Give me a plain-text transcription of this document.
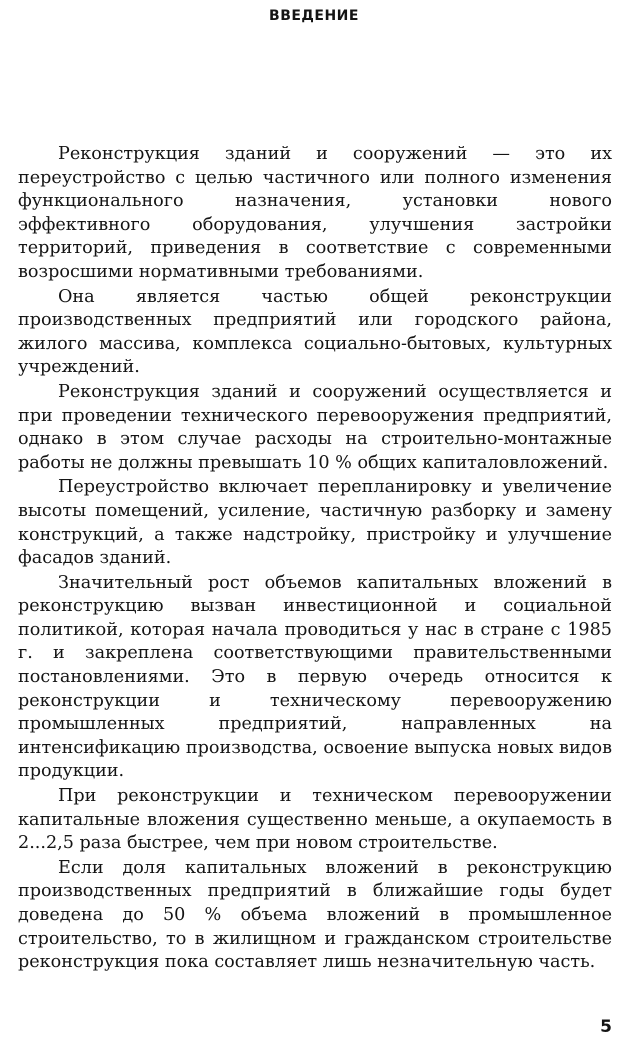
ВВЕДЕНИЕ

Реконструкция зданий и сооружений — это их переустройство с целью частичного или полного изменения функционального назначения, установки нового эффективного оборудования, улучшения застройки территорий, приведения в соответствие с современными возросшими нормативными требованиями.

Она является частью общей реконструкции производственных предприятий или городского района, жилого массива, комплекса социально-бытовых, культурных учреждений.

Реконструкция зданий и сооружений осуществляется и при проведении технического перевооружения предприятий, однако в этом случае расходы на строительно-монтажные работы не должны превышать 10 % общих капиталовложений.

Переустройство включает перепланировку и увеличение высоты помещений, усиление, частичную разборку и замену конструкций, а также надстройку, пристройку и улучшение фасадов зданий.

Значительный рост объемов капитальных вложений в реконструкцию вызван инвестиционной и социальной политикой, которая начала проводиться у нас в стране с 1985 г. и закреплена соответствующими правительственными постановлениями. Это в первую очередь относится к реконструкции и техническому перевооружению промышленных предприятий, направленных на интенсификацию производства, освоение выпуска новых видов продукции.

При реконструкции и техническом перевооружении капитальные вложения существенно меньше, а окупаемость в 2...2,5 раза быстрее, чем при новом строительстве.

Если доля капитальных вложений в реконструкцию производственных предприятий в ближайшие годы будет доведена до 50 % объема вложений в промышленное строительство, то в жилищном и гражданском строительстве реконструкция пока составляет лишь незначительную часть.

5
